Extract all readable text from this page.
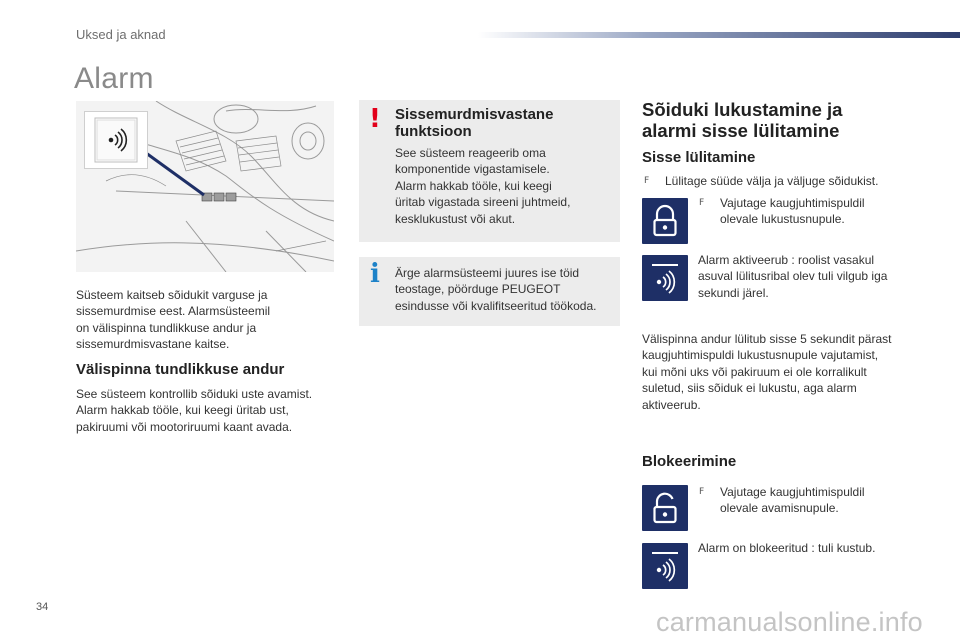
Uksed ja aknad
Alarm
Süsteem kaitseb sõidukit varguse ja
sissemurdmise eest. Alarmsüsteemil
on välispinna tundlikkuse andur ja
sissemurdmisvastane kaitse.
Välispinna tundlikkuse andur
See süsteem kontrollib sõiduki uste avamist.
Alarm hakkab tööle, kui keegi üritab ust,
pakiruumi või mootoriruumi kaant avada.
! Sissemurdmisvastane
funktsioon
See süsteem reageerib oma
komponentide vigastamisele.
Alarm hakkab tööle, kui keegi
üritab vigastada sireeni juhtmeid,
kesklukustust või akut.
i Ärge alarmsüsteemi juures ise töid
teostage, pöörduge PEUGEOT
esindusse või kvalifitseeritud töökoda.
Sõiduki lukustamine ja
alarmi sisse lülitamine
Sisse lülitamine
F Lülitage süüde välja ja väljuge sõidukist.
F Vajutage kaugjuhtimispuldil
olevale lukustusnupule.
Alarm aktiveerub : roolist vasakul
asuval lülitusribal olev tuli vilgub iga
sekundi järel.
Välispinna andur lülitub sisse 5 sekundit pärast
kaugjuhtimispuldi lukustusnupule vajutamist,
kui mõni uks või pakiruum ei ole korralikult
suletud, siis sõiduk ei lukustu, aga alarm
aktiveerub.
Blokeerimine
F Vajutage kaugjuhtimispuldil
olevale avamisnupule.
Alarm on blokeeritud : tuli kustub.
34	carmanualsonline.info
